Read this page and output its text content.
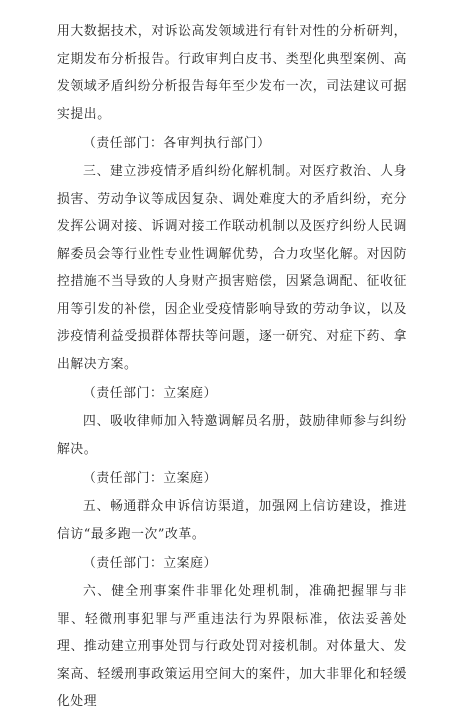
用大数据技术，对诉讼高发领域进行有针对性的分析研判，定期发布分析报告。行政审判白皮书、类型化典型案例、高发领域矛盾纠纷分析报告每年至少发布一次，司法建议可据实提出。

（责任部门：各审判执行部门）

三、建立涉疫情矛盾纠纷化解机制。对医疗救治、人身损害、劳动争议等成因复杂、调处难度大的矛盾纠纷，充分发挥公调对接、诉调对接工作联动机制以及医疗纠纷人民调解委员会等行业性专业性调解优势，合力攻坚化解。对因防控措施不当导致的人身财产损害赔偿，因紧急调配、征收征用等引发的补偿，因企业受疫情影响导致的劳动争议，以及涉疫情利益受损群体帮扶等问题，逐一研究、对症下药、拿出解决方案。

（责任部门：立案庭）

四、吸收律师加入特邀调解员名册，鼓励律师参与纠纷解决。

（责任部门：立案庭）

五、畅通群众申诉信访渠道，加强网上信访建设，推进信访“最多跑一次”改革。

（责任部门：立案庭）

六、健全刑事案件非罪化处理机制，准确把握罪与非罪、轻微刑事犯罪与严重违法行为界限标准，依法妥善处理、推动建立刑事处罚与行政处罚对接机制。对体量大、发案高、轻缓刑事政策运用空间大的案件，加大非罪化和轻缓化处理
